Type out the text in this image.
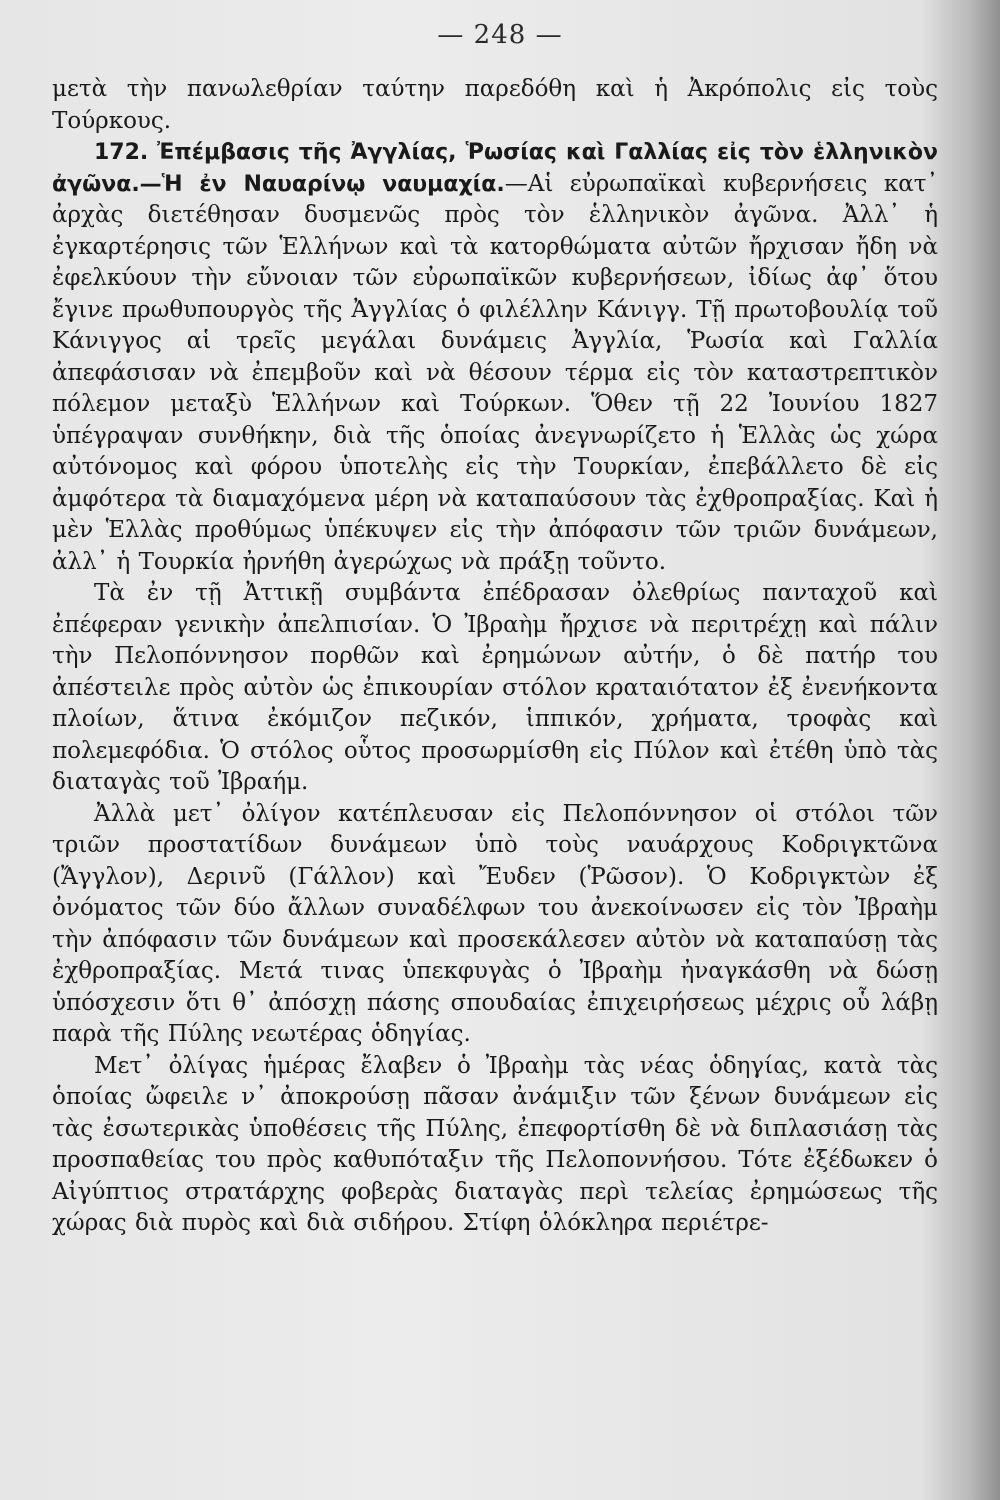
— 248 —

μετὰ τὴν πανωλεθρίαν ταύτην παρεδόθη καὶ ἡ Ἀκρόπολις εἰς τοὺς Τούρκους.

172. Ἐπέμβασις τῆς Ἀγγλίας, Ῥωσίας καὶ Γαλλίας εἰς τὸν ἑλληνικὸν ἀγῶνα.—Ἡ ἐν Ναυαρίνῳ ναυμαχία.—Αἱ εὐρωπαϊκαὶ κυβερνήσεις κατ᾽ ἀρχὰς διετέθησαν δυσμενῶς πρὸς τὸν ἑλληνικὸν ἀγῶνα. Ἀλλ᾽ ἡ ἐγκαρτέρησις τῶν Ἑλλήνων καὶ τὰ κατορθώματα αὐτῶν ἤρχισαν ἤδη νὰ ἐφελκύουν τὴν εὔνοιαν τῶν εὐρωπαϊκῶν κυβερνήσεων, ἰδίως ἀφ᾽ ὅτου ἔγινε πρωθυπουργὸς τῆς Ἀγγλίας ὁ φιλέλλην Κάνιγγ. Τῇ πρωτοβουλίᾳ τοῦ Κάνιγγος αἱ τρεῖς μεγάλαι δυνάμεις Ἀγγλία, Ῥωσία καὶ Γαλλία ἀπεφάσισαν νὰ ἐπεμβοῦν καὶ νὰ θέσουν τέρμα εἰς τὸν καταστρεπτικὸν πόλεμον μεταξὺ Ἑλλήνων καὶ Τούρκων. Ὅθεν τῇ 22 Ἰουνίου 1827 ὑπέγραψαν συνθήκην, διὰ τῆς ὁποίας ἀνεγνωρίζετο ἡ Ἑλλὰς ὡς χώρα αὐτόνομος καὶ φόρου ὑποτελὴς εἰς τὴν Τουρκίαν, ἐπεβάλλετο δὲ εἰς ἀμφότερα τὰ διαμαχόμενα μέρη νὰ καταπαύσουν τὰς ἐχθροπραξίας. Καὶ ἡ μὲν Ἑλλὰς προθύμως ὑπέκυψεν εἰς τὴν ἀπόφασιν τῶν τριῶν δυνάμεων, ἀλλ᾽ ἡ Τουρκία ἠρνήθη ἀγερώχως νὰ πράξῃ τοῦντο.

Τὰ ἐν τῇ Ἀττικῇ συμβάντα ἐπέδρασαν ὀλεθρίως πανταχοῦ καὶ ἐπέφεραν γενικὴν ἀπελπισίαν. Ὁ Ἰβραὴμ ἤρχισε νὰ περιτρέχῃ καὶ πάλιν τὴν Πελοπόννησον πορθῶν καὶ ἐρημώνων αὐτήν, ὁ δὲ πατήρ του ἀπέστειλε πρὸς αὐτὸν ὡς ἐπικουρίαν στόλον κραταιότατον ἐξ ἐνενήκοντα πλοίων, ἅτινα ἐκόμιζον πεζικόν, ἱππικόν, χρήματα, τροφὰς καὶ πολεμεφόδια. Ὁ στόλος οὗτος προσωρμίσθη εἰς Πύλον καὶ ἐτέθη ὑπὸ τὰς διαταγὰς τοῦ Ἰβραήμ.

Ἀλλὰ μετ᾽ ὀλίγον κατέπλευσαν εἰς Πελοπόννησον οἱ στόλοι τῶν τριῶν προστατίδων δυνάμεων ὑπὸ τοὺς ναυάρχους Κοδριγκτῶνα (Ἄγγλον), Δερινῦ (Γάλλον) καὶ Ἔυδεν (Ῥῶσον). Ὁ Κοδριγκτὼν ἐξ ὀνόματος τῶν δύο ἄλλων συναδέλφων του ἀνεκοίνωσεν εἰς τὸν Ἰβραὴμ τὴν ἀπόφασιν τῶν δυνάμεων καὶ προσεκάλεσεν αὐτὸν νὰ καταπαύσῃ τὰς ἐχθροπραξίας. Μετά τινας ὑπεκφυγὰς ὁ Ἰβραὴμ ἠναγκάσθη νὰ δώσῃ ὑπόσχεσιν ὅτι θ᾽ ἀπόσχῃ πάσης σπουδαίας ἐπιχειρήσεως μέχρις οὗ λάβῃ παρὰ τῆς Πύλης νεωτέρας ὁδηγίας.

Μετ᾽ ὀλίγας ἡμέρας ἔλαβεν ὁ Ἰβραὴμ τὰς νέας ὁδηγίας, κατὰ τὰς ὁποίας ὤφειλε ν᾽ ἀποκρούσῃ πᾶσαν ἀνάμιξιν τῶν ξένων δυνάμεων εἰς τὰς ἐσωτερικὰς ὑποθέσεις τῆς Πύλης, ἐπεφορτίσθη δὲ νὰ διπλασιάσῃ τὰς προσπαθείας του πρὸς καθυπόταξιν τῆς Πελοποννήσου. Τότε ἐξέδωκεν ὁ Αἰγύπτιος στρατάρχης φοβερὰς διαταγὰς περὶ τελείας ἐρημώσεως τῆς χώρας διὰ πυρὸς καὶ διὰ σιδήρου. Στίφη ὁλόκληρα περιέτρε-
